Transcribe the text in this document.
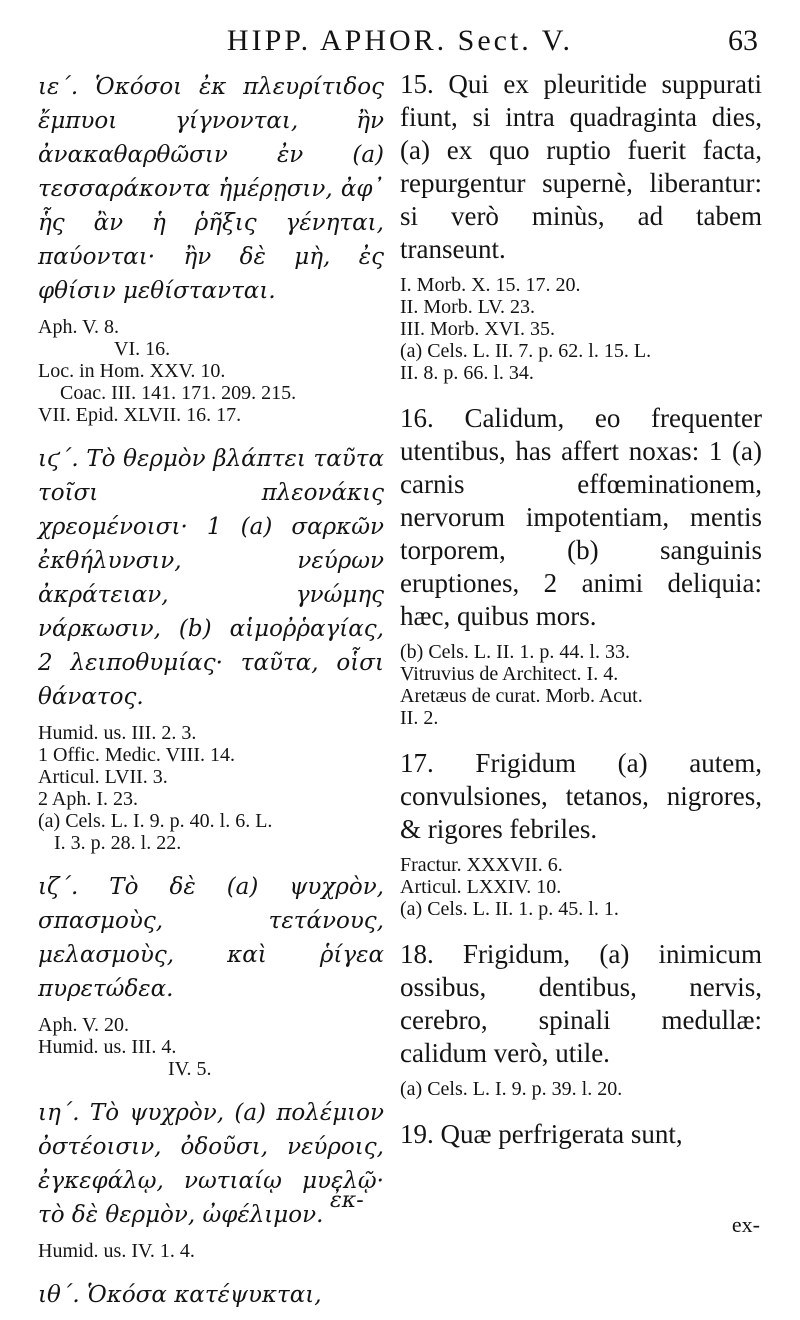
HIPP. APHOR. Sect. V.	63

ιε΄. Ὁκόσοι ἐκ πλευρίτιδος ἔμπυοι γίγνονται, ἢν ἀνακαθαρθῶσιν ἐν (a) τεσσαράκοντα ἡμέρῃσιν, ἀφ᾽ ἧς ἂν ἡ ῥῆξις γένηται, παύονται· ἢν δὲ μὴ, ἐς φθίσιν μεθίστανται.

Aph. V. 8.
VI. 16.
Loc. in Hom. XXV. 10.
Coac. III. 141. 171. 209. 215.
VII. Epid. XLVII. 16. 17.

ιϛ΄. Τὸ θερμὸν βλάπτει ταῦτα τοῖσι πλεονάκις χρεομένοισι· 1 (a) σαρκῶν ἐκθήλυνσιν, νεύρων ἀκράτειαν, γνώμης νάρκωσιν, (b) αἱμοῤῥαγίας, 2 λειποθυμίας· ταῦτα, οἷσι θάνατος.

Humid. us. III. 2. 3.
1 Offic. Medic. VIII. 14.
Articul. LVII. 3.
2 Aph. I. 23.
(a) Cels. L. I. 9. p. 40. l. 6. L.
I. 3. p. 28. l. 22.

ιζ΄. Τὸ δὲ (a) ψυχρὸν, σπασμοὺς, τετάνους, μελασμοὺς, καὶ ῥίγεα πυρετώδεα.

Aph. V. 20.
Humid. us. III. 4.
IV. 5.

ιη΄. Τὸ ψυχρὸν, (a) πολέμιον ὀστέοισιν, ὀδοῦσι, νεύροις, ἐγκεφάλῳ, νωτιαίῳ μυελῷ· τὸ δὲ θερμὸν, ὠφέλιμον.

Humid. us. IV. 1. 4.

ιθ΄. Ὁκόσα κατέψυκται,

ἐκ-

15. Qui ex pleuritide suppurati fiunt, si intra quadraginta dies, (a) ex quo ruptio fuerit facta, repurgentur supernè, liberantur: si verò minùs, ad tabem transeunt.

I. Morb. X. 15. 17. 20.
II. Morb. LV. 23.
III. Morb. XVI. 35.
(a) Cels. L. II. 7. p. 62. l. 15. L.
II. 8. p. 66. l. 34.

16. Calidum, eo frequenter utentibus, has affert noxas: 1 (a) carnis effœminationem, nervorum impotentiam, mentis torporem, (b) sanguinis eruptiones, 2 animi deliquia: hæc, quibus mors.

(b) Cels. L. II. 1. p. 44. l. 33.
Vitruvius de Architect. I. 4.
Aretæus de curat. Morb. Acut.
II. 2.

17. Frigidum (a) autem, convulsiones, tetanos, nigrores, & rigores febriles.

Fractur. XXXVII. 6.
Articul. LXXIV. 10.
(a) Cels. L. II. 1. p. 45. l. 1.

18. Frigidum, (a) inimicum ossibus, dentibus, nervis, cerebro, spinali medullæ: calidum verò, utile.

(a) Cels. L. I. 9. p. 39. l. 20.

19. Quæ perfrigerata sunt,

ex-
